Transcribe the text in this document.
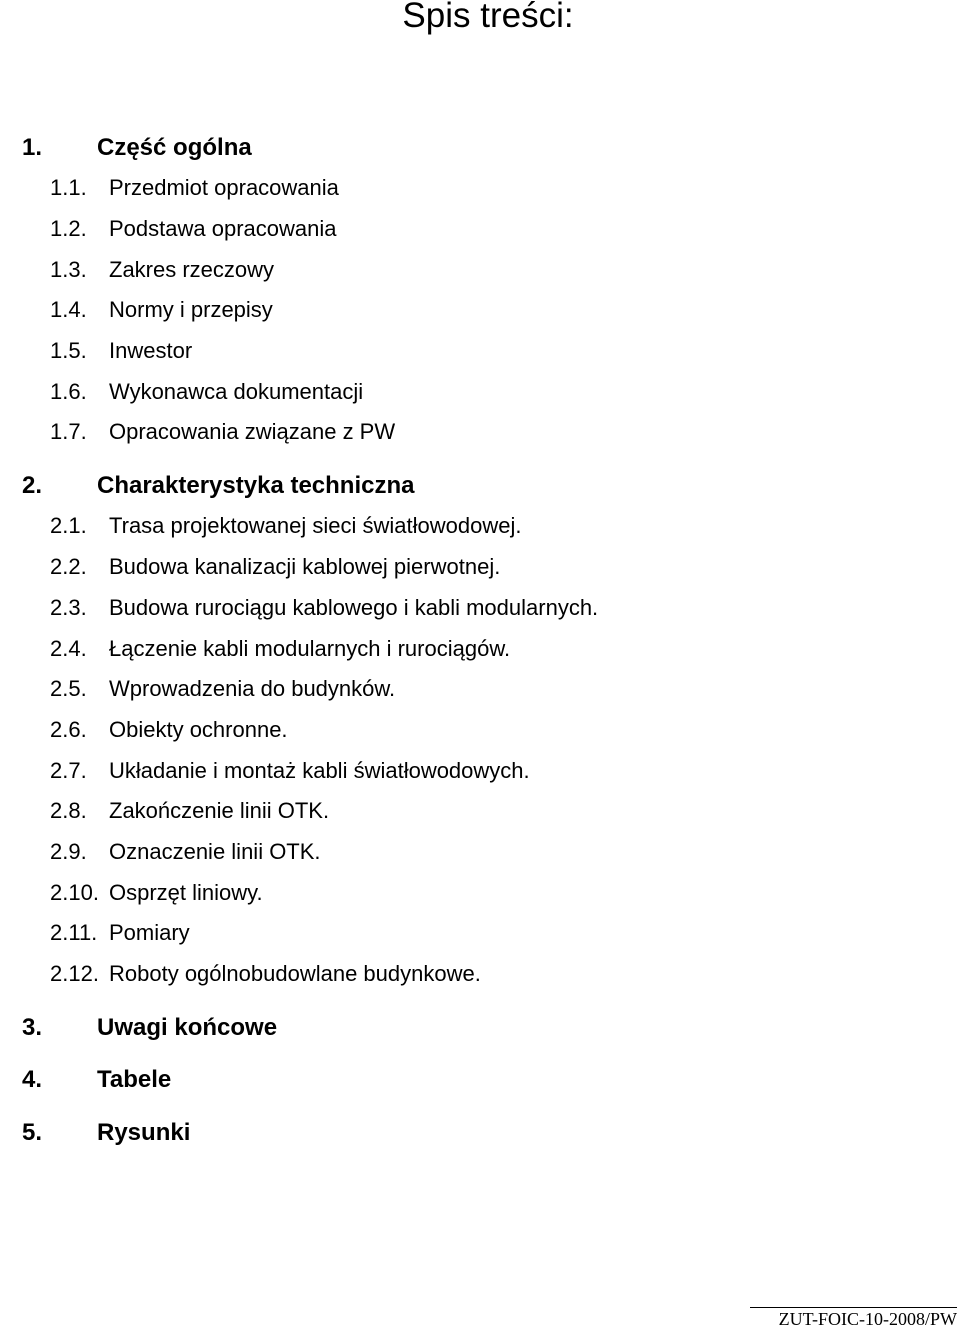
Spis treści:
1. Część ogólna
1.1. Przedmiot opracowania
1.2. Podstawa opracowania
1.3. Zakres rzeczowy
1.4. Normy i przepisy
1.5. Inwestor
1.6. Wykonawca dokumentacji
1.7. Opracowania związane z PW
2. Charakterystyka techniczna
2.1. Trasa projektowanej sieci światłowodowej.
2.2. Budowa kanalizacji kablowej pierwotnej.
2.3. Budowa rurociągu kablowego i kabli modularnych.
2.4. Łączenie kabli modularnych i rurociągów.
2.5. Wprowadzenia do budynków.
2.6. Obiekty ochronne.
2.7. Układanie i montaż kabli światłowodowych.
2.8. Zakończenie linii OTK.
2.9. Oznaczenie linii OTK.
2.10. Osprzęt liniowy.
2.11. Pomiary
2.12. Roboty ogólnobudowlane budynkowe.
3. Uwagi końcowe
4. Tabele
5. Rysunki
ZUT-FOIC-10-2008/PW
